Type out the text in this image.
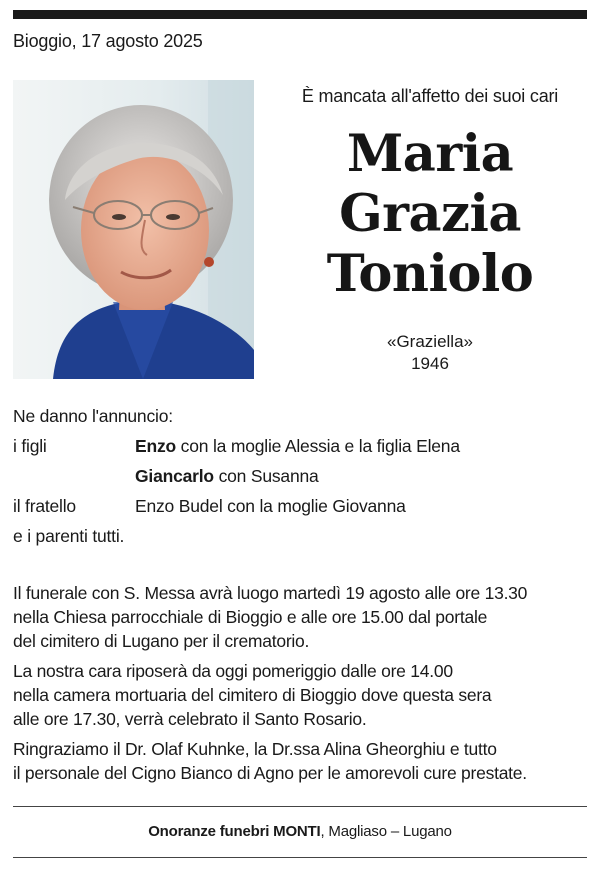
Bioggio, 17 agosto 2025
È mancata all'affetto dei suoi cari
Maria
Grazia
Toniolo
«Graziella»
1946
Ne danno l'annuncio:
i figli	Enzo con la moglie Alessia e la figlia Elena
Giancarlo con Susanna
il fratello	Enzo Budel con la moglie Giovanna
e i parenti tutti.

Il funerale con S. Messa avrà luogo martedì 19 agosto alle ore 13.30
nella Chiesa parrocchiale di Bioggio e alle ore 15.00 dal portale
del cimitero di Lugano per il crematorio.

La nostra cara riposerà da oggi pomeriggio dalle ore 14.00
nella camera mortuaria del cimitero di Bioggio dove questa sera
alle ore 17.30, verrà celebrato il Santo Rosario.

Ringraziamo il Dr. Olaf Kuhnke, la Dr.ssa Alina Gheorghiu e tutto
il personale del Cigno Bianco di Agno per le amorevoli cure prestate.

Onoranze funebri MONTI, Magliaso – Lugano
